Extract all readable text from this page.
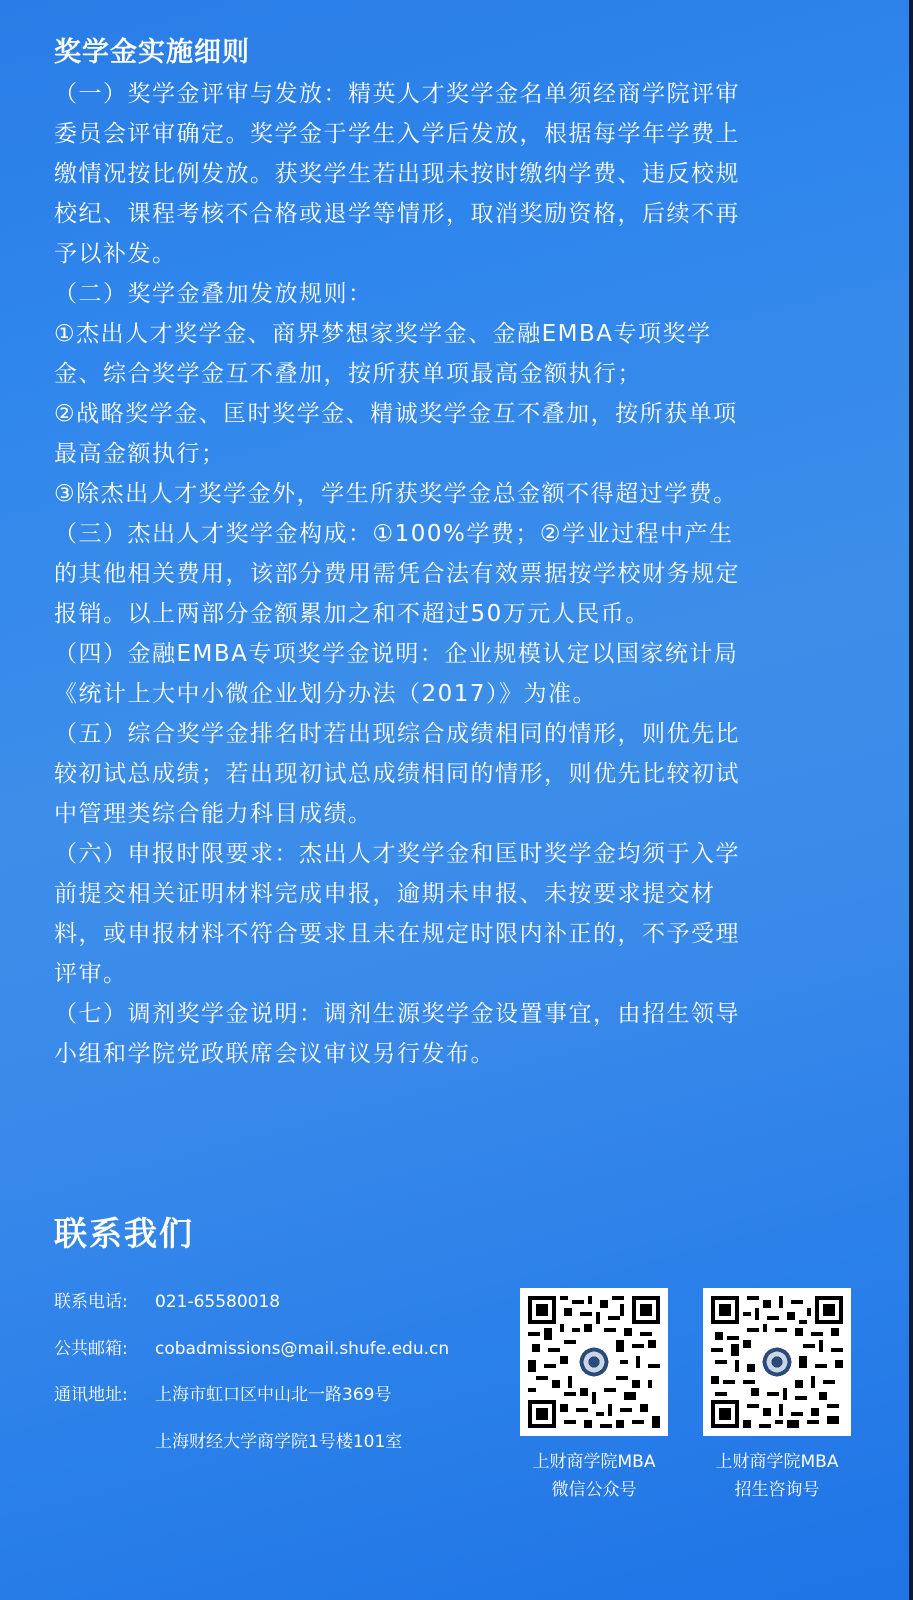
奖学金实施细则
（一）奖学金评审与发放：精英人才奖学金名单须经商学院评审
委员会评审确定。奖学金于学生入学后发放，根据每学年学费上
缴情况按比例发放。获奖学生若出现未按时缴纳学费、违反校规
校纪、课程考核不合格或退学等情形，取消奖励资格，后续不再
予以补发。
（二）奖学金叠加发放规则：
①杰出人才奖学金、商界梦想家奖学金、金融EMBA专项奖学
金、综合奖学金互不叠加，按所获单项最高金额执行；
②战略奖学金、匡时奖学金、精诚奖学金互不叠加，按所获单项
最高金额执行；
③除杰出人才奖学金外，学生所获奖学金总金额不得超过学费。
（三）杰出人才奖学金构成：①100%学费；②学业过程中产生
的其他相关费用，该部分费用需凭合法有效票据按学校财务规定
报销。以上两部分金额累加之和不超过50万元人民币。
（四）金融EMBA专项奖学金说明：企业规模认定以国家统计局
《统计上大中小微企业划分办法（2017）》为准。
（五）综合奖学金排名时若出现综合成绩相同的情形，则优先比
较初试总成绩；若出现初试总成绩相同的情形，则优先比较初试
中管理类综合能力科目成绩。
（六）申报时限要求：杰出人才奖学金和匡时奖学金均须于入学
前提交相关证明材料完成申报，逾期未申报、未按要求提交材
料，或申报材料不符合要求且未在规定时限内补正的，不予受理
评审。
（七）调剂奖学金说明：调剂生源奖学金设置事宜，由招生领导
小组和学院党政联席会议审议另行发布。
联系我们
联系电话:	021-65580018
公共邮箱:	cobadmissions@mail.shufe.edu.cn
通讯地址:	上海市虹口区中山北一路369号
上海财经大学商学院1号楼101室
上财商学院MBA
微信公众号
上财商学院MBA
招生咨询号
